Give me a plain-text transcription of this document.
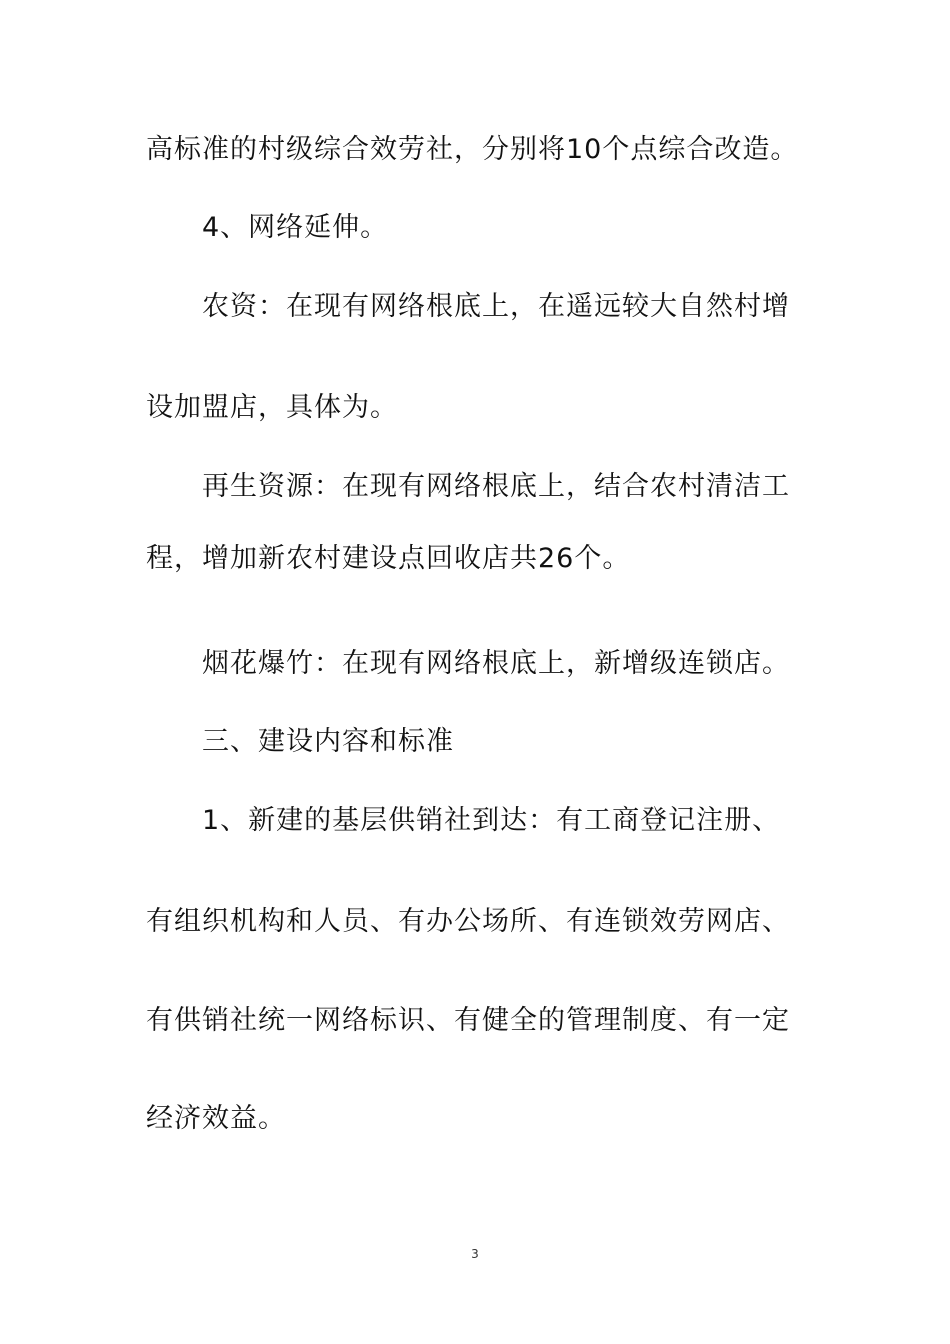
高标准的村级综合效劳社，分别将10个点综合改造。
4、网络延伸。
农资：在现有网络根底上，在遥远较大自然村增
设加盟店，具体为。
再生资源：在现有网络根底上，结合农村清洁工
程，增加新农村建设点回收店共26个。
烟花爆竹：在现有网络根底上，新增级连锁店。
三、建设内容和标准
1、新建的基层供销社到达：有工商登记注册、
有组织机构和人员、有办公场所、有连锁效劳网店、
有供销社统一网络标识、有健全的管理制度、有一定
经济效益。
3
